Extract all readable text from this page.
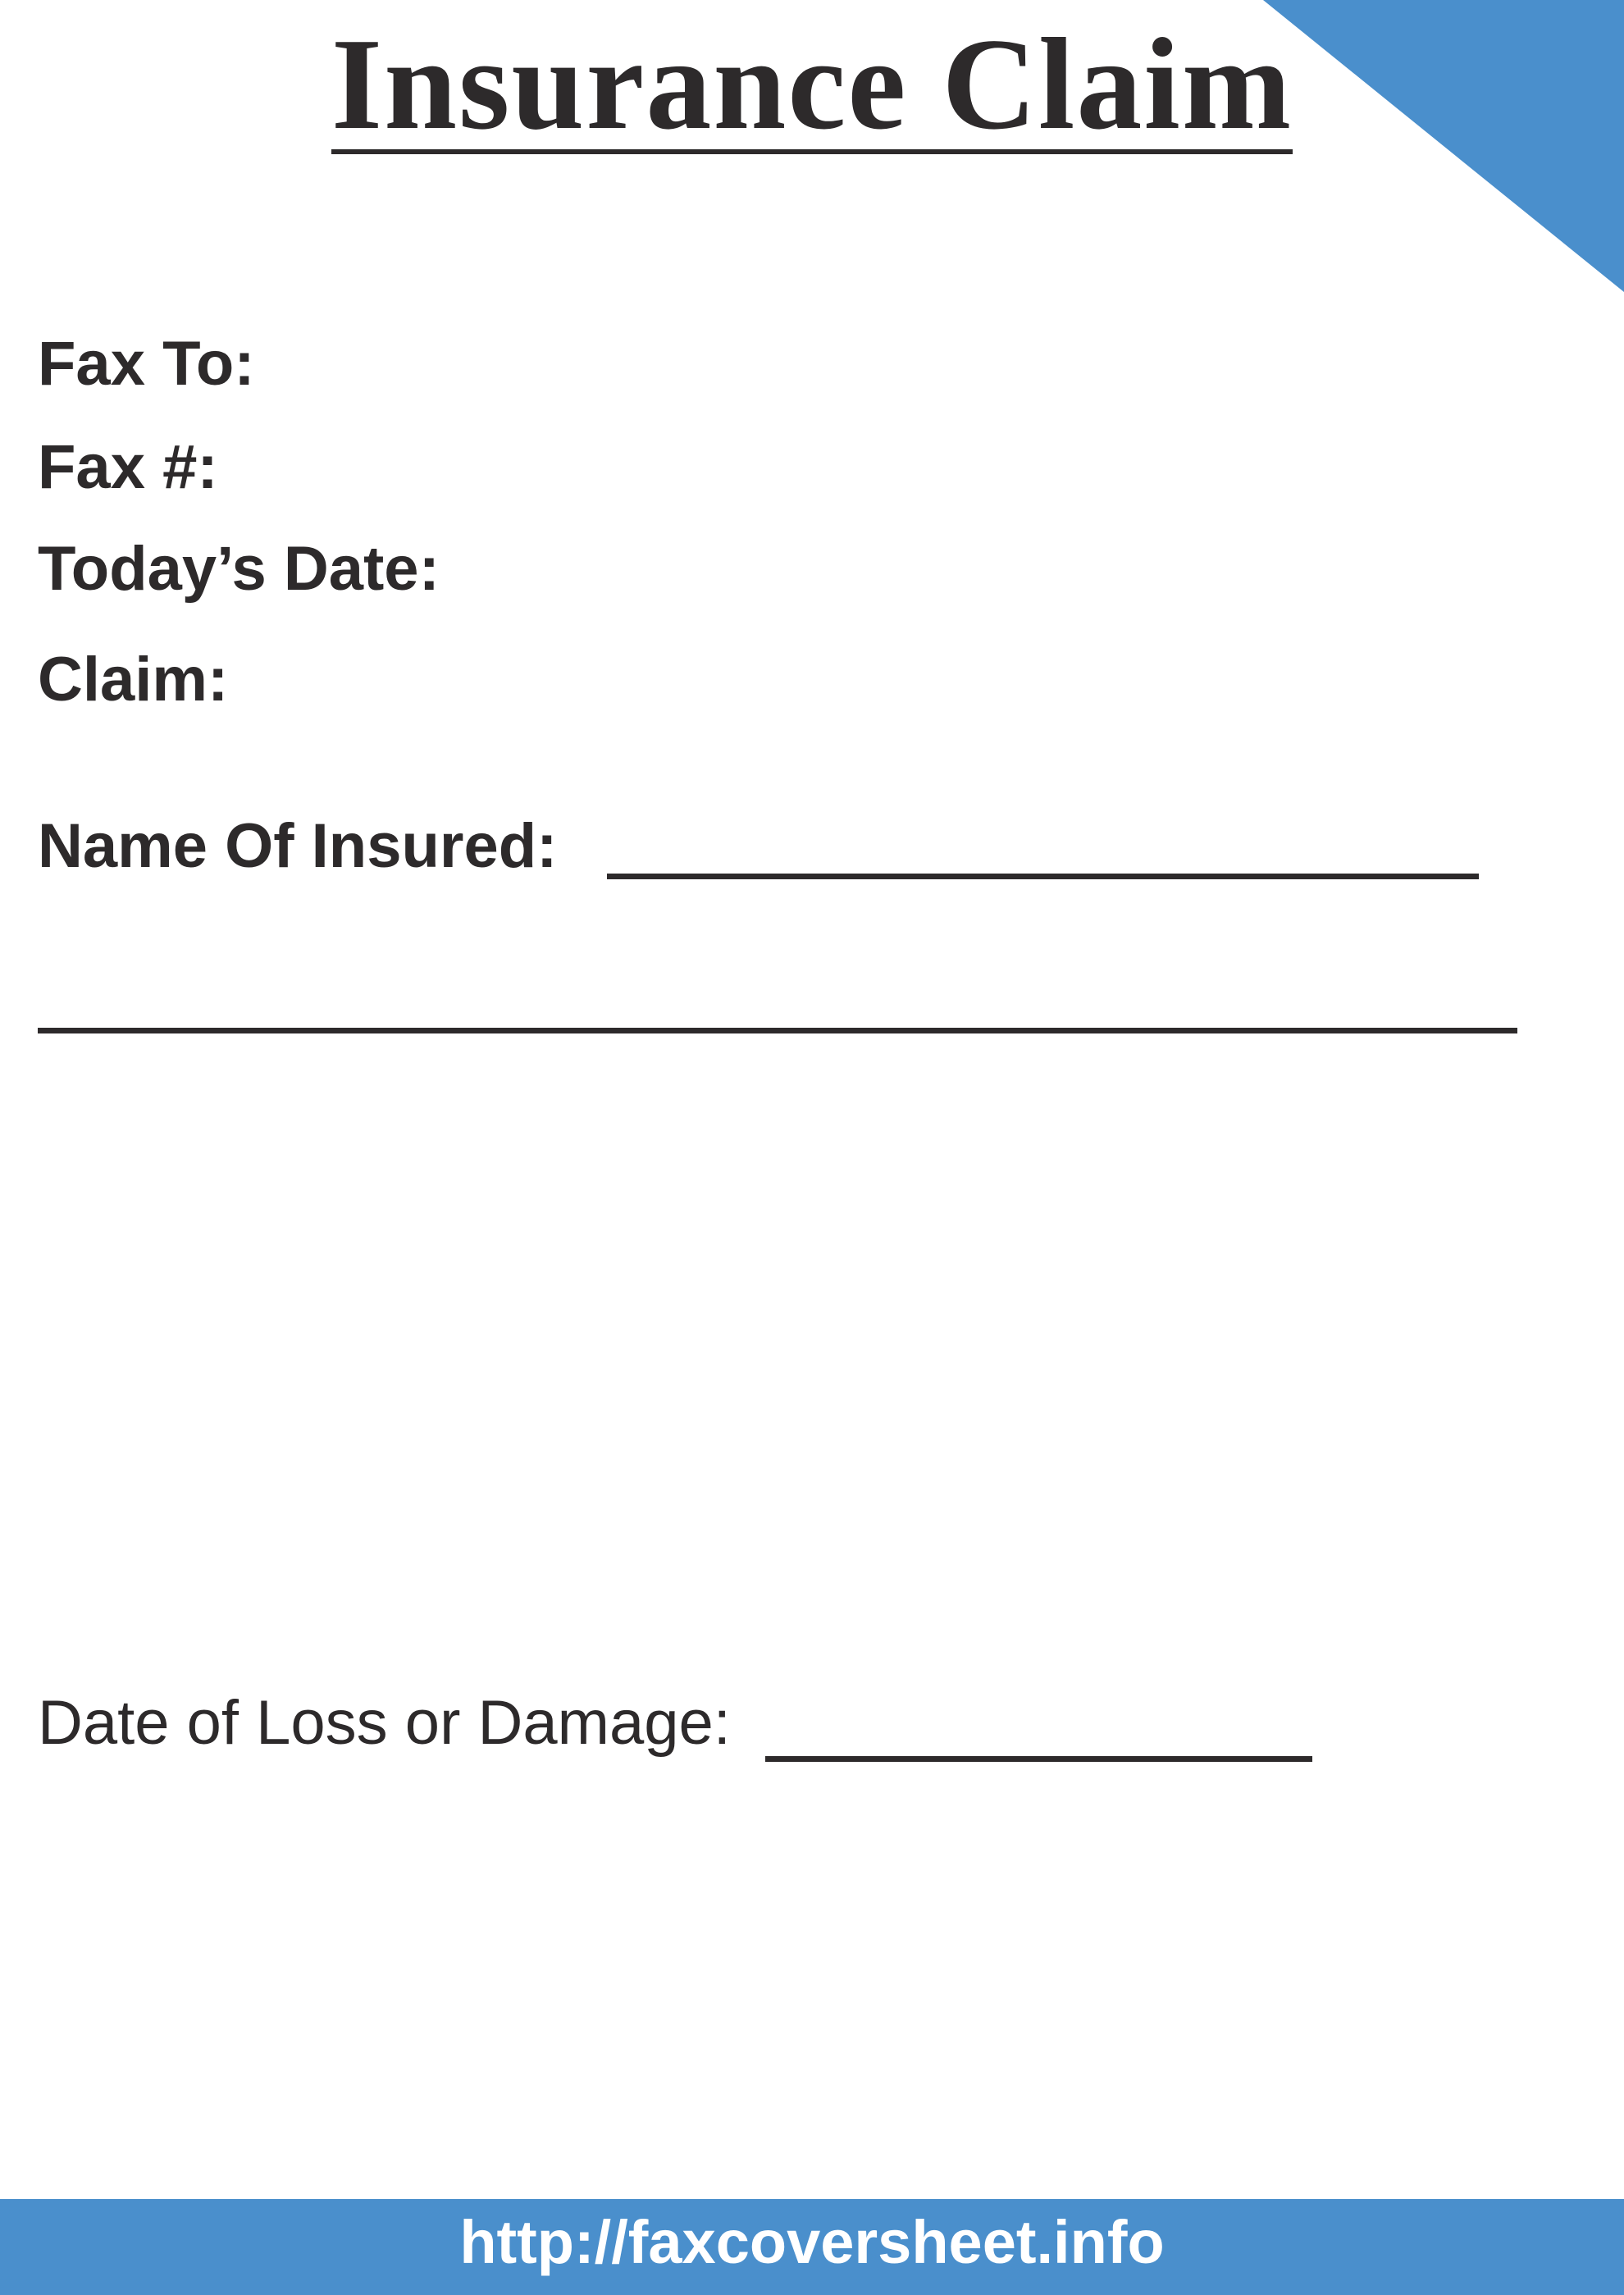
Insurance Claim
Fax To:
Fax #:
Today’s Date:
Claim:
Name Of Insured:
Date of Loss or Damage:
http://faxcoversheet.info
